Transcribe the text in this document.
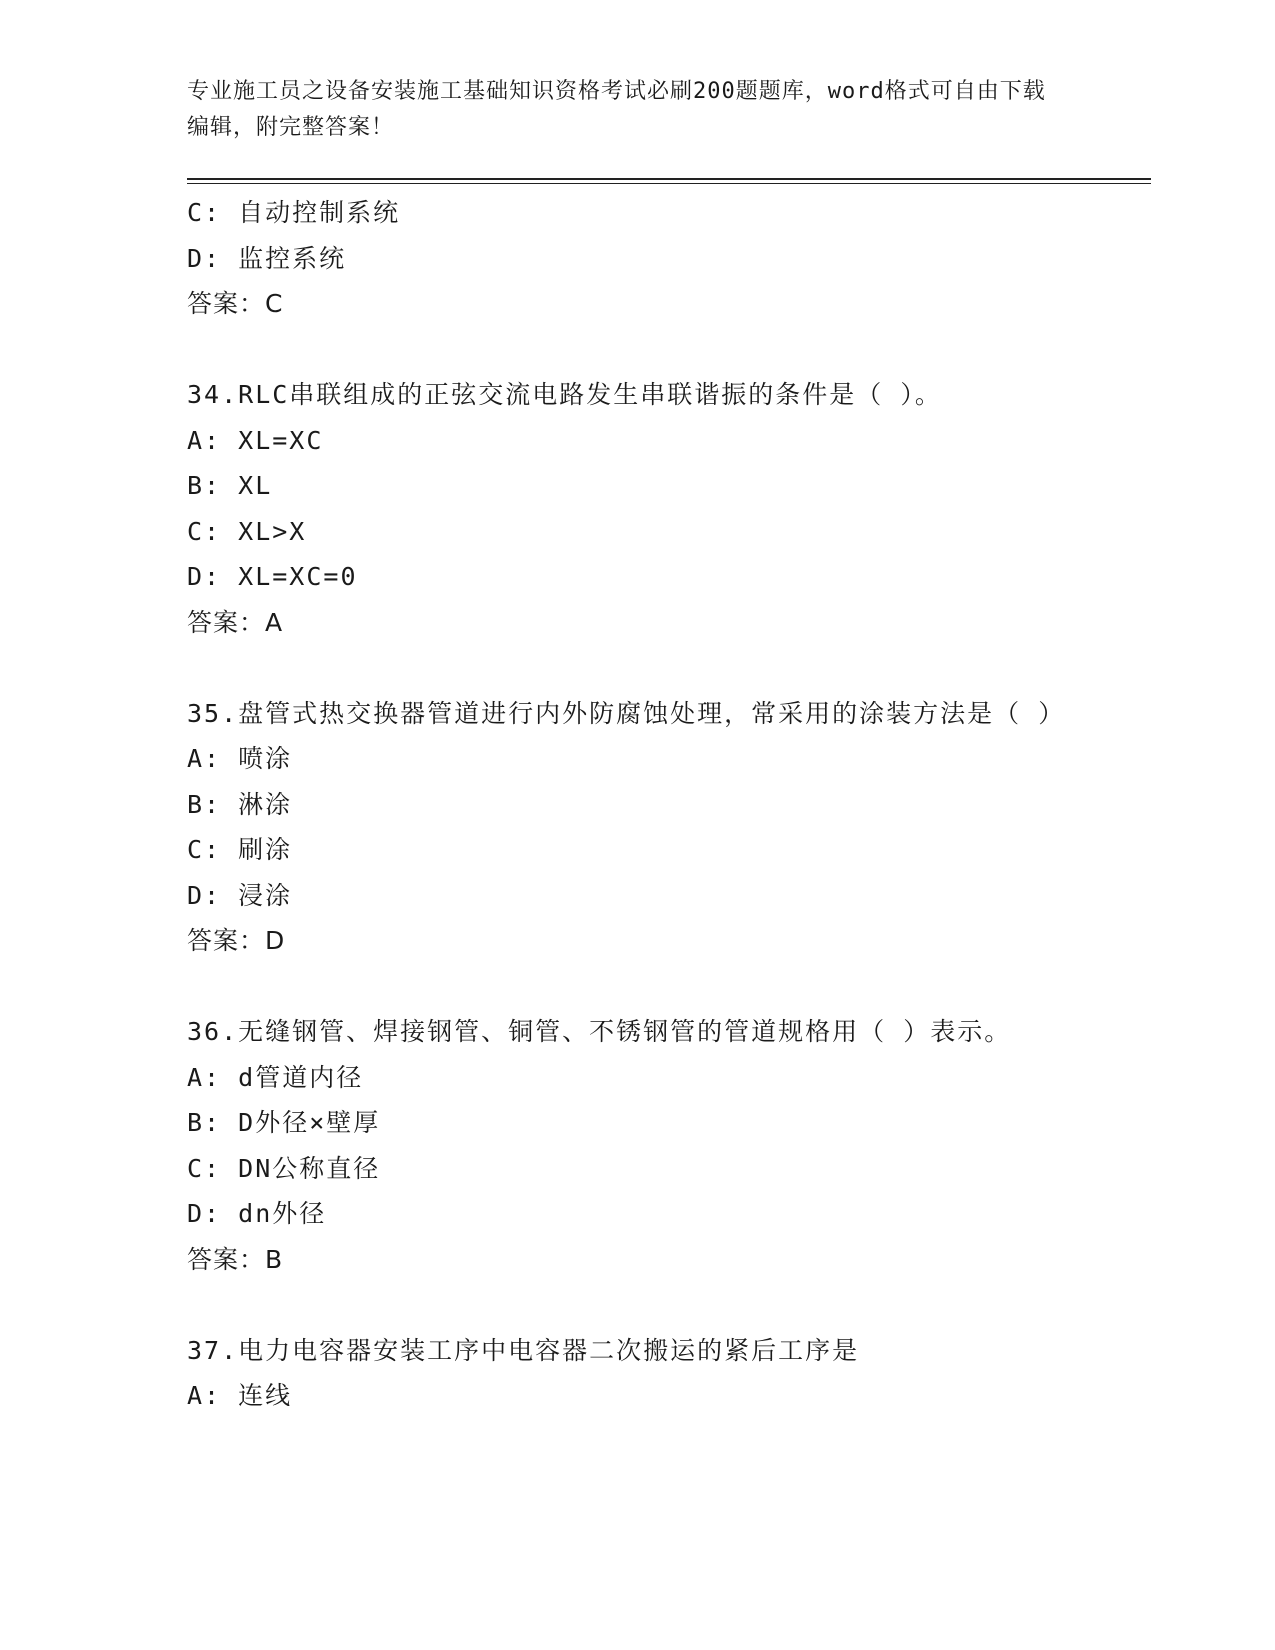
专业施工员之设备安装施工基础知识资格考试必刷200题题库，word格式可自由下载编辑，附完整答案！
C: 自动控制系统
D: 监控系统
答案：C
34.RLC串联组成的正弦交流电路发生串联谐振的条件是（ ）。
A: XL=XC
B: XL
C: XL>X
D: XL=XC=0
答案：A
35.盘管式热交换器管道进行内外防腐蚀处理，常采用的涂装方法是（ ）
A: 喷涂
B: 淋涂
C: 刷涂
D: 浸涂
答案：D
36.无缝钢管、焊接钢管、铜管、不锈钢管的管道规格用（ ）表示。
A: d管道内径
B: D外径×壁厚
C: DN公称直径
D: dn外径
答案：B
37.电力电容器安装工序中电容器二次搬运的紧后工序是
A: 连线
